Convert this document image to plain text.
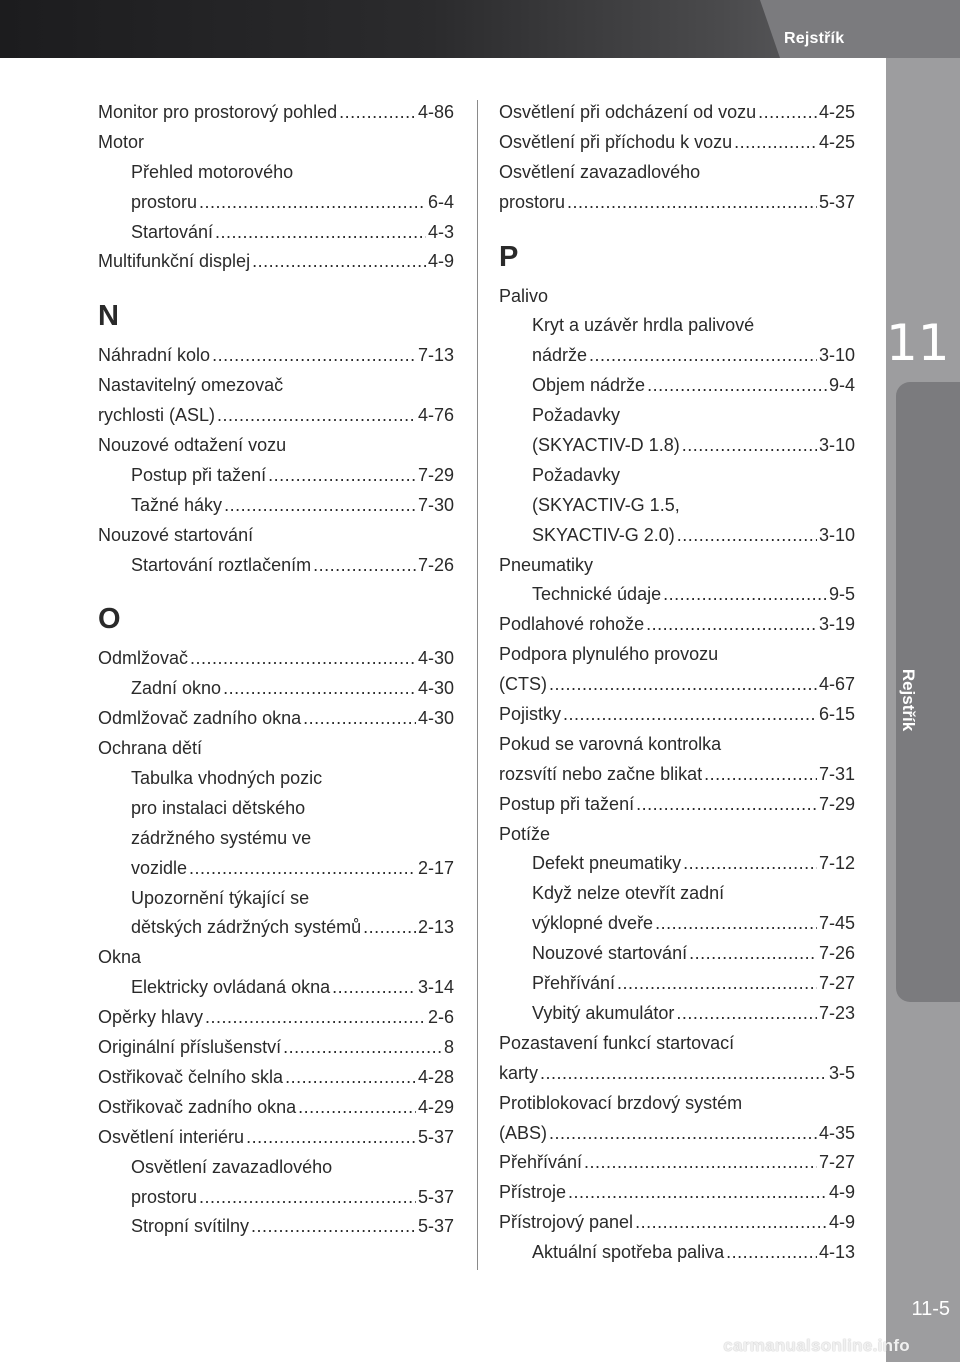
Rejstřík
11
Rejstřík
Monitor pro prostorový pohled .....	4-86
Motor
Přehled motorového
prostoru .....	6-4
Startování .....	4-3
Multifunkční displej .....	4-9
N
Náhradní kolo .....	7-13
Nastavitelný omezovač
rychlosti (ASL) .....	4-76
Nouzové odtažení vozu
Postup při tažení .....	7-29
Tažné háky .....	7-30
Nouzové startování
Startování roztlačením .....	7-26
O
Odmlžovač .....	4-30
Zadní okno .....	4-30
Odmlžovač zadního okna .....	4-30
Ochrana dětí
Tabulka vhodných pozic
pro instalaci dětského
zádržného systému ve
vozidle .....	2-17
Upozornění týkající se
dětských zádržných systémů .....	2-13
Okna
Elektricky ovládaná okna .....	3-14
Opěrky hlavy .....	2-6
Originální příslušenství .....	8
Ostřikovač čelního skla .....	4-28
Ostřikovač zadního okna .....	4-29
Osvětlení interiéru .....	5-37
Osvětlení zavazadlového
prostoru .....	5-37
Stropní svítilny .....	5-37
Osvětlení při odcházení od vozu .....	4-25
Osvětlení při příchodu k vozu .....	4-25
Osvětlení zavazadlového
prostoru .....	5-37
P
Palivo
Kryt a uzávěr hrdla palivové
nádrže .....	3-10
Objem nádrže .....	9-4
Požadavky
(SKYACTIV-D 1.8) .....	3-10
Požadavky
(SKYACTIV-G 1.5,
SKYACTIV-G 2.0) .....	3-10
Pneumatiky
Technické údaje .....	9-5
Podlahové rohože .....	3-19
Podpora plynulého provozu
(CTS) .....	4-67
Pojistky .....	6-15
Pokud se varovná kontrolka
rozsvítí nebo začne blikat .....	7-31
Postup při tažení .....	7-29
Potíže
Defekt pneumatiky .....	7-12
Když nelze otevřít zadní
výklopné dveře .....	7-45
Nouzové startování .....	7-26
Přehřívání .....	7-27
Vybitý akumulátor .....	7-23
Pozastavení funkcí startovací
karty .....	3-5
Protiblokovací brzdový systém
(ABS) .....	4-35
Přehřívání .....	7-27
Přístroje .....	4-9
Přístrojový panel .....	4-9
Aktuální spotřeba paliva .....	4-13
11-5
carmanualsonline.info
